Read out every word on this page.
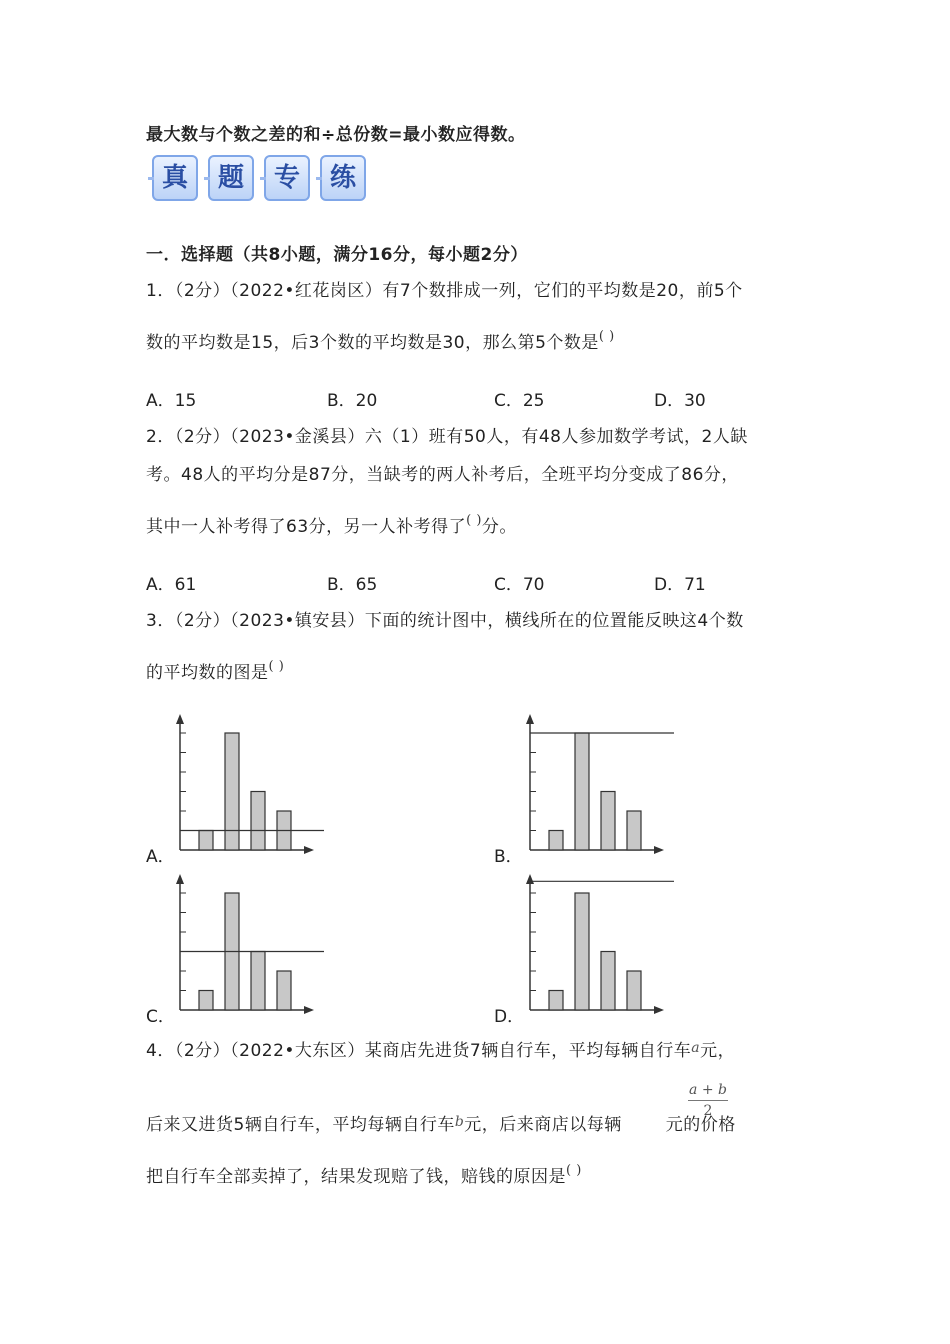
最大数与个数之差的和÷总份数=最小数应得数。
真	题	专	练
一．选择题（共8小题，满分16分，每小题2分）
1．（2分）（2022•红花岗区）有7个数排成一列，它们的平均数是20，前5个
数的平均数是15，后3个数的平均数是30，那么第5个数是( )
A．15	B．20	C．25	D．30
2．（2分）（2023•金溪县）六（1）班有50人，有48人参加数学考试，2人缺
考。48人的平均分是87分，当缺考的两人补考后，全班平均分变成了86分，
其中一人补考得了63分，另一人补考得了( )分。
A．61	B．65	C．70	D．71
3．（2分）（2023•镇安县）下面的统计图中，横线所在的位置能反映这4个数
的平均数的图是( )
A．	B．
C．	D．
4．（2分）（2022•大东区）某商店先进货7辆自行车，平均每辆自行车$^a$元，
后来又进货5辆自行车，平均每辆自行车$^b$元，后来商店以每辆	元的价格
$\frac{a + b}{2}$
把自行车全部卖掉了，结果发现赔了钱，赔钱的原因是( )
